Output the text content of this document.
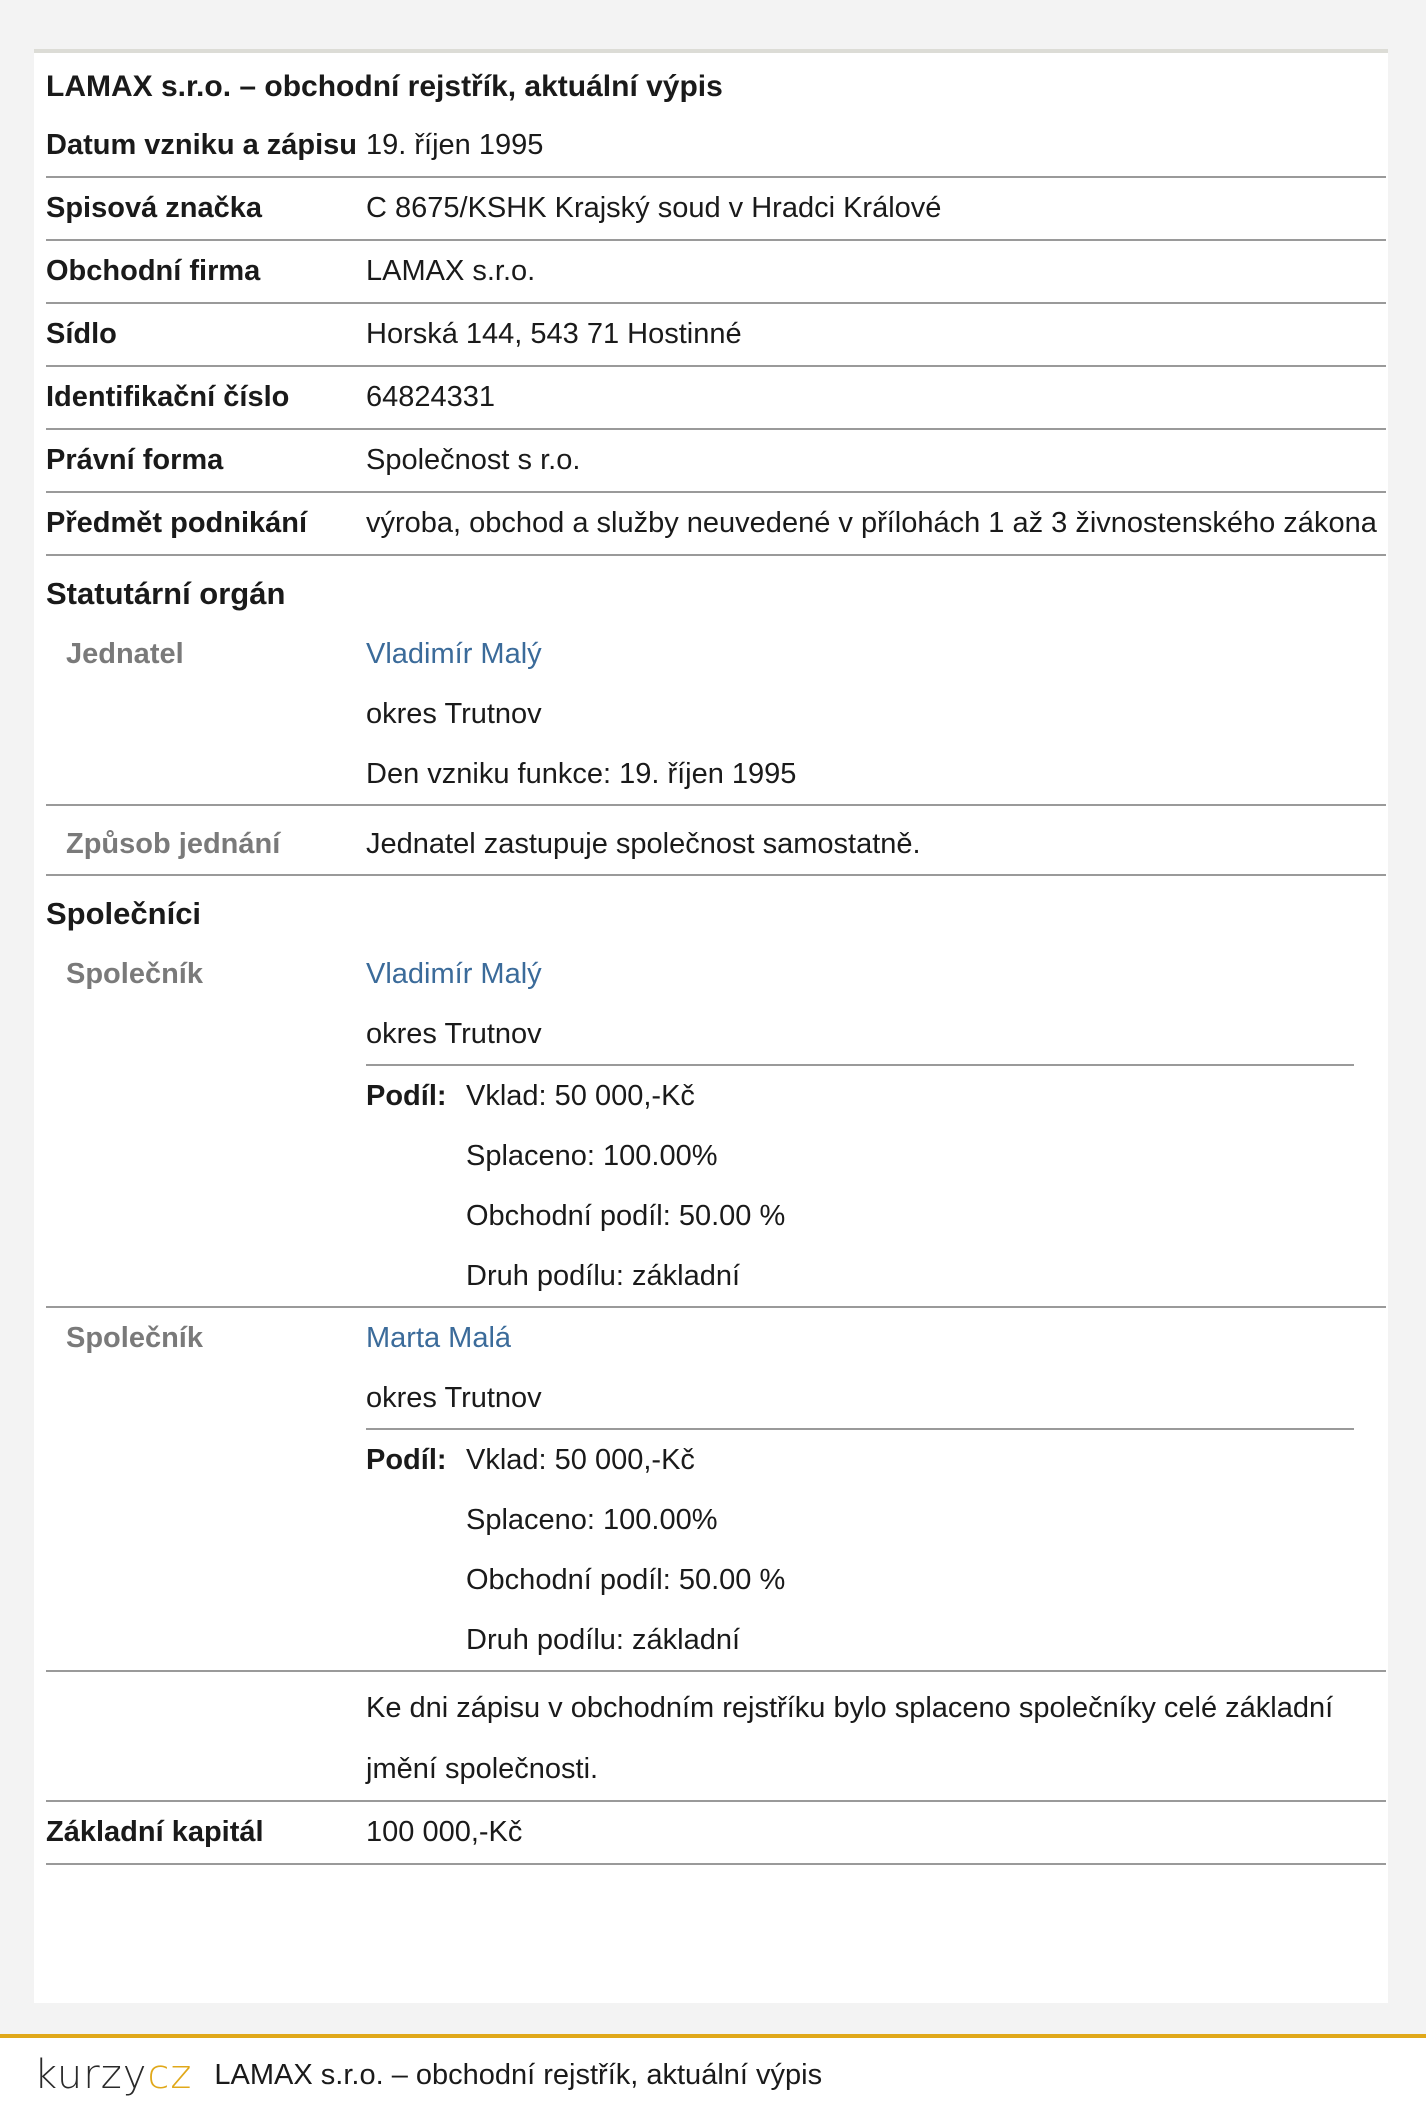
LAMAX s.r.o. – obchodní rejstřík, aktuální výpis
Datum vzniku a zápisu 19. říjen 1995
Spisová značka	C 8675/KSHK Krajský soud v Hradci Králové
Obchodní firma	LAMAX s.r.o.
Sídlo	Horská 144, 543 71 Hostinné
Identifikační číslo	64824331
Právní forma	Společnost s r.o.
Předmět podnikání	výroba, obchod a služby neuvedené v přílohách 1 až 3 živnostenského zákona
Statutární orgán
Jednatel	Vladimír Malý
okres Trutnov
Den vzniku funkce: 19. říjen 1995
Způsob jednání	Jednatel zastupuje společnost samostatně.
Společníci
Společník	Vladimír Malý
okres Trutnov
Podíl: Vklad: 50 000,-Kč
Splaceno: 100.00%
Obchodní podíl: 50.00 %
Druh podílu: základní
Společník	Marta Malá
okres Trutnov
Podíl: Vklad: 50 000,-Kč
Splaceno: 100.00%
Obchodní podíl: 50.00 %
Druh podílu: základní
Ke dni zápisu v obchodním rejstříku bylo splaceno společníky celé základní jmění společnosti.
Základní kapitál	100 000,-Kč
kurzycz LAMAX s.r.o. – obchodní rejstřík, aktuální výpis
